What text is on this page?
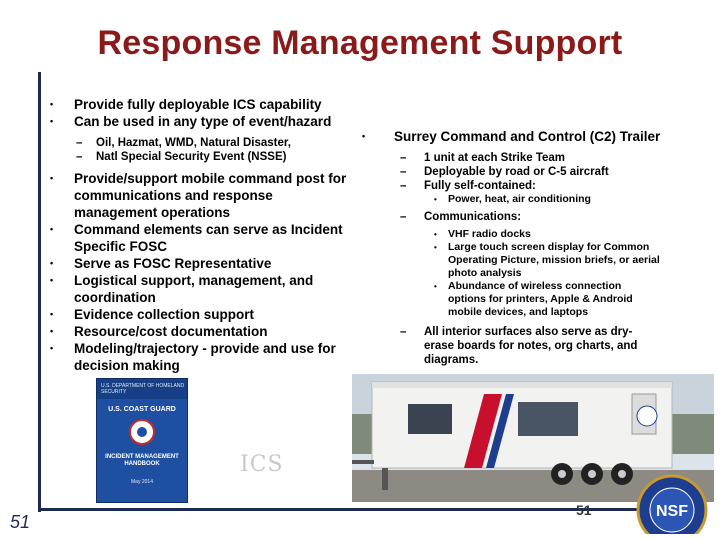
Response Management Support
51
•	Provide fully deployable ICS capability
•	Can be used in any type of event/hazard
–	Oil, Hazmat, WMD, Natural Disaster,
–	Natl Special Security Event (NSSE)
•	Provide/support mobile command post for communications and response management operations
•	Command elements can serve as Incident Specific FOSC
•	Serve as FOSC Representative
•	Logistical support, management, and coordination
•	Evidence collection support
•	Resource/cost documentation
•	Modeling/trajectory - provide and use for decision making
•	Surrey Command and Control (C2) Trailer
–	1 unit at each Strike Team
–	Deployable by road or C-5 aircraft
–	Fully self-contained:
•	Power, heat, air conditioning
–	Communications:
•	VHF radio docks
•	Large touch screen display for Common Operating Picture, mission briefs, or aerial photo analysis
•	Abundance of wireless connection options for printers, Apple & Android mobile devices, and laptops
–	All interior surfaces also serve as dry-erase boards for notes, org charts, and diagrams.
U.S. DEPARTMENT OF HOMELAND SECURITY
U.S. COAST GUARD
INCIDENT MANAGEMENT HANDBOOK
May 2014
ICS
51	NSF
